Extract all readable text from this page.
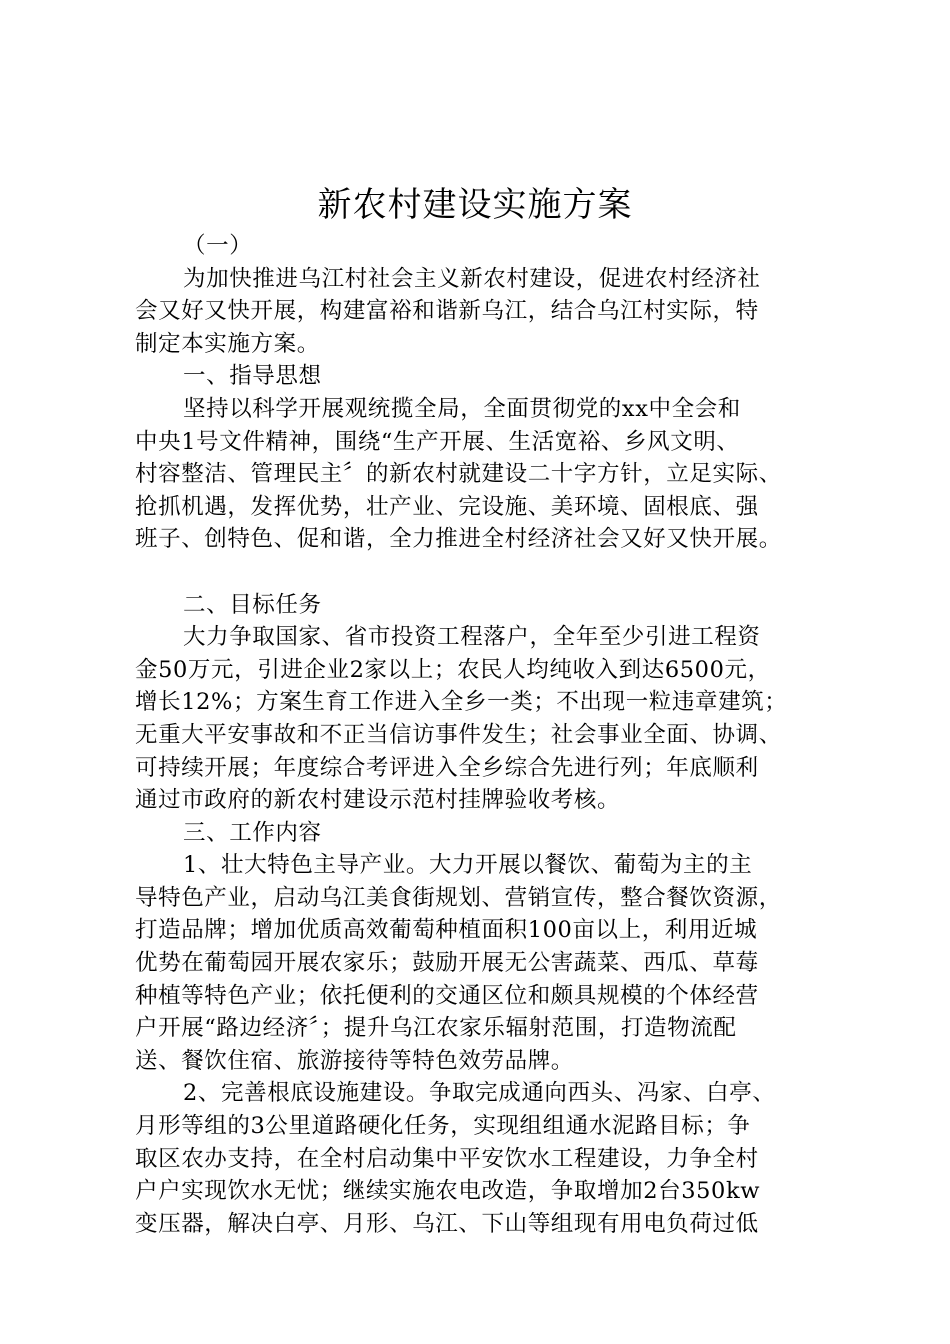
新农村建设实施方案
（一）
为加快推进乌江村社会主义新农村建设，促进农村经济社
会又好又快开展，构建富裕和谐新乌江，结合乌江村实际，特
制定本实施方案。
一、指导思想
坚持以科学开展观统揽全局，全面贯彻党的xx中全会和
中央1号文件精神，围绕“生产开展、生活宽裕、乡风文明、
村容整洁、管理民主〞的新农村就建设二十字方针，立足实际、
抢抓机遇，发挥优势，壮产业、完设施、美环境、固根底、强
班子、创特色、促和谐，全力推进全村经济社会又好又快开展。
二、目标任务
大力争取国家、省市投资工程落户，全年至少引进工程资
金50万元，引进企业2家以上；农民人均纯收入到达6500元，
增长12%；方案生育工作进入全乡一类；不出现一粒违章建筑；
无重大平安事故和不正当信访事件发生；社会事业全面、协调、
可持续开展；年度综合考评进入全乡综合先进行列；年底顺利
通过市政府的新农村建设示范村挂牌验收考核。
三、工作内容
1、壮大特色主导产业。大力开展以餐饮、葡萄为主的主
导特色产业，启动乌江美食街规划、营销宣传，整合餐饮资源，
打造品牌；增加优质高效葡萄种植面积100亩以上，利用近城
优势在葡萄园开展农家乐；鼓励开展无公害蔬菜、西瓜、草莓
种植等特色产业；依托便利的交通区位和颇具规模的个体经营
户开展“路边经济〞；提升乌江农家乐辐射范围，打造物流配
送、餐饮住宿、旅游接待等特色效劳品牌。
2、完善根底设施建设。争取完成通向西头、冯家、白亭、
月形等组的3公里道路硬化任务，实现组组通水泥路目标；争
取区农办支持，在全村启动集中平安饮水工程建设，力争全村
户户实现饮水无忧；继续实施农电改造，争取增加2台350kw
变压器，解决白亭、月形、乌江、下山等组现有用电负荷过低
